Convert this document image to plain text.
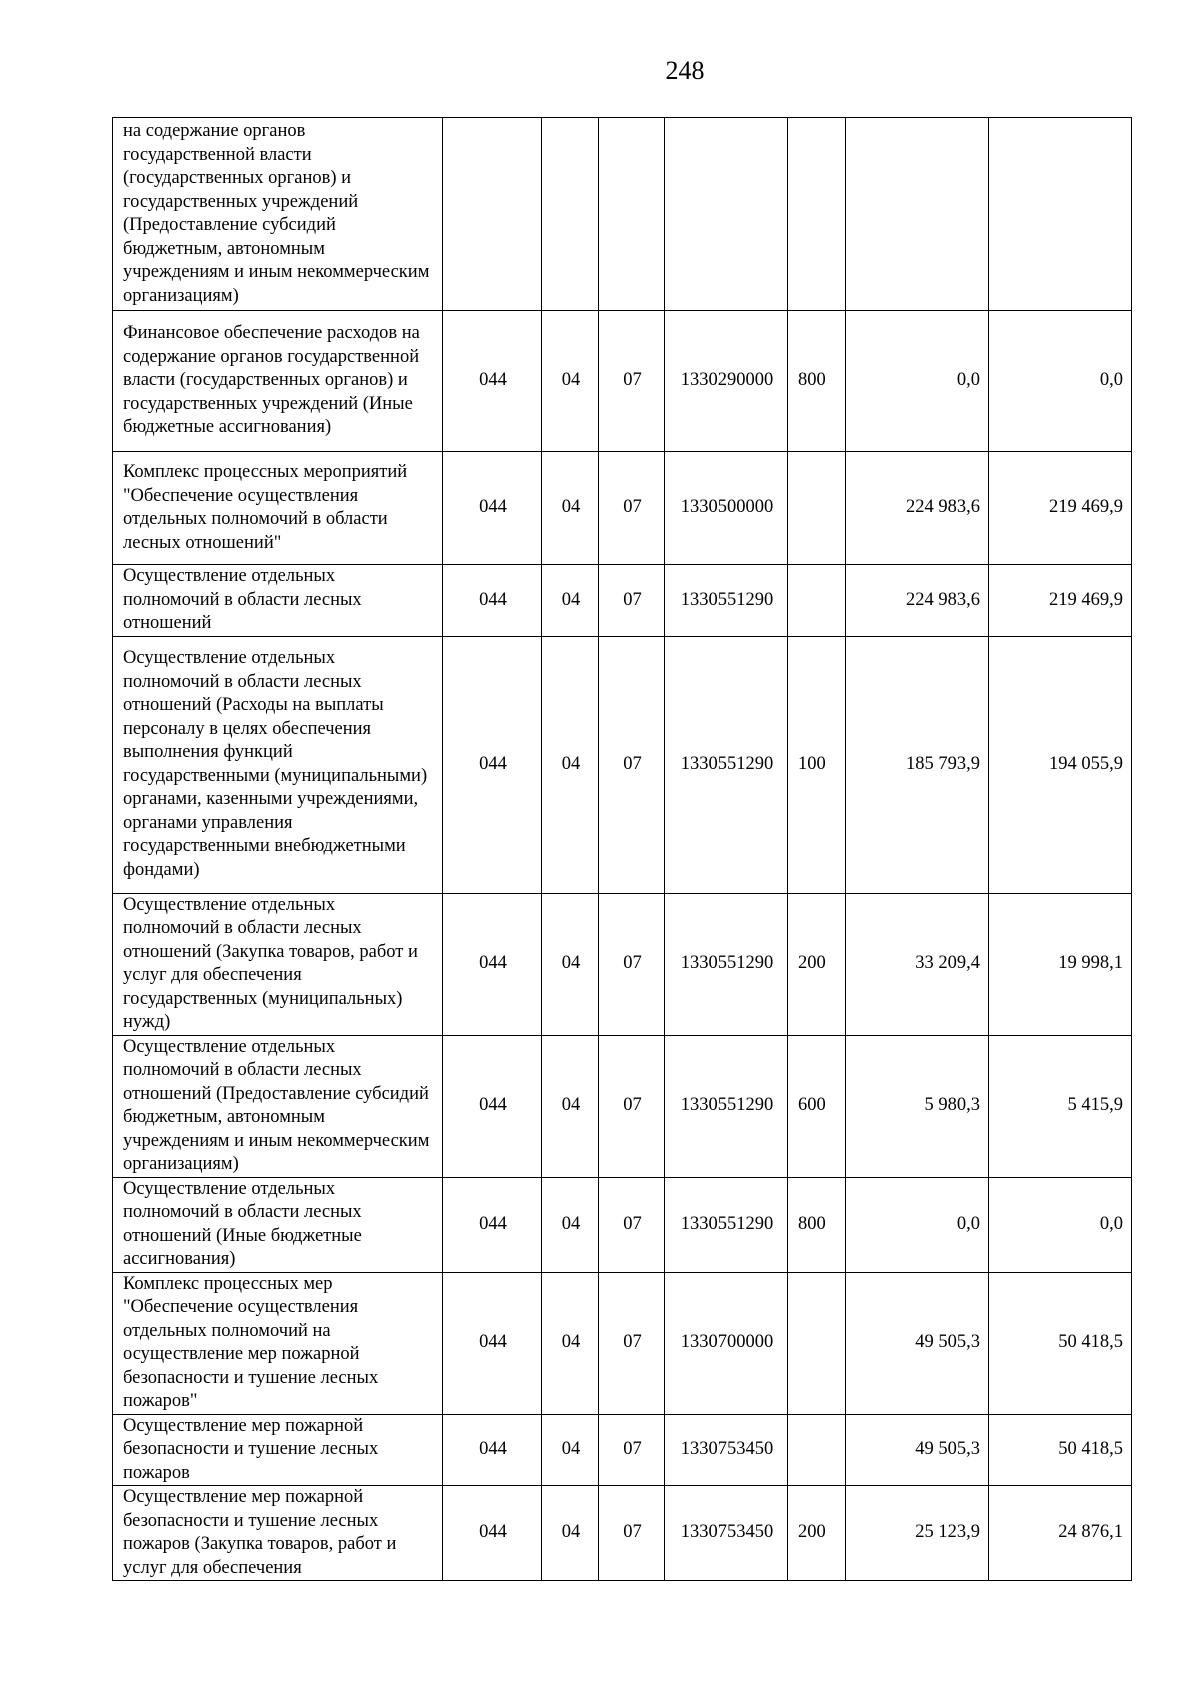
248
на содержание органов государственной власти (государственных органов) и государственных учреждений (Предоставление субсидий бюджетным, автономным учреждениям и иным некоммерческим организациям)							
Финансовое обеспечение расходов на содержание органов государственной власти (государственных органов) и государственных учреждений (Иные бюджетные ассигнования)	044	04	07	1330290000	800	0,0	0,0
Комплекс процессных мероприятий "Обеспечение осуществления отдельных полномочий в области лесных отношений"	044	04	07	1330500000		224 983,6	219 469,9
Осуществление отдельных полномочий в области лесных отношений	044	04	07	1330551290		224 983,6	219 469,9
Осуществление отдельных полномочий в области лесных отношений (Расходы на выплаты персоналу в целях обеспечения выполнения функций государственными (муниципальными) органами, казенными учреждениями, органами управления государственными внебюджетными фондами)	044	04	07	1330551290	100	185 793,9	194 055,9
Осуществление отдельных полномочий в области лесных отношений (Закупка товаров, работ и услуг для обеспечения государственных (муниципальных) нужд)	044	04	07	1330551290	200	33 209,4	19 998,1
Осуществление отдельных полномочий в области лесных отношений (Предоставление субсидий бюджетным, автономным учреждениям и иным некоммерческим организациям)	044	04	07	1330551290	600	5 980,3	5 415,9
Осуществление отдельных полномочий в области лесных отношений (Иные бюджетные ассигнования)	044	04	07	1330551290	800	0,0	0,0
Комплекс процессных мер "Обеспечение осуществления отдельных полномочий на осуществление мер пожарной безопасности и тушение лесных пожаров"	044	04	07	1330700000		49 505,3	50 418,5
Осуществление мер пожарной безопасности и тушение лесных пожаров	044	04	07	1330753450		49 505,3	50 418,5
Осуществление мер пожарной безопасности и тушение лесных пожаров (Закупка товаров, работ и услуг для обеспечения	044	04	07	1330753450	200	25 123,9	24 876,1
